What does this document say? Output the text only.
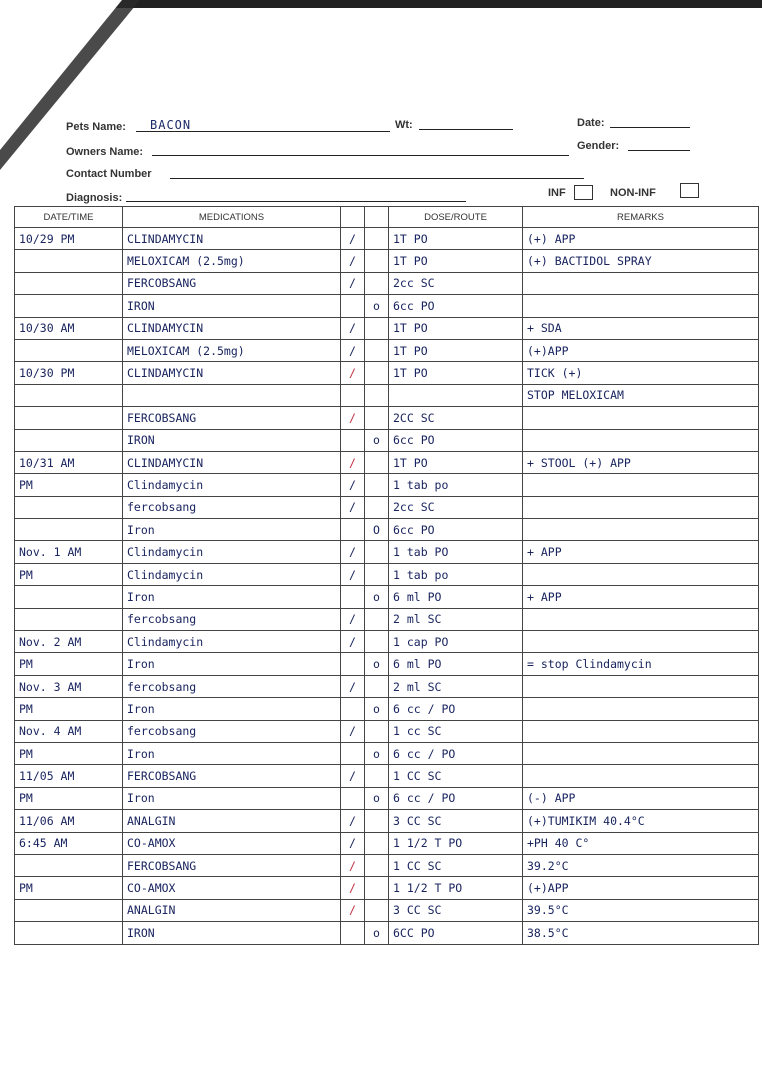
Pets Name: BACON	Wt:	Date:
Owners Name:	Gender:
Contact Number
Diagnosis:	INF	NON-INF
DATE/TIME	MEDICATIONS			DOSE/ROUTE	REMARKS
10/29 PM	CLINDAMYCIN	/		1T PO	(+) APP
	MELOXICAM (2.5mg)	/		1T PO	(+) BACTIDOL SPRAY
	FERCOBSANG	/		2cc SC	
	IRON		o	6cc PO	
10/30 AM	CLINDAMYCIN	/		1T PO	+ SDA
	MELOXICAM (2.5mg)	/		1T PO	(+)APP
10/30 PM	CLINDAMYCIN	/		1T PO	TICK (+)
					STOP MELOXICAM
	FERCOBSANG	/		2CC SC	
	IRON		o	6cc PO	
10/31 AM	CLINDAMYCIN	/		1T PO	+ STOOL (+) APP
PM	Clindamycin	/		1 tab po	
	fercobsang	/		2cc SC	
	Iron		O	6cc PO	
Nov. 1 AM	Clindamycin	/		1 tab PO	+ APP
PM	Clindamycin	/		1 tab po	
	Iron		o	6 ml PO	+ APP
	fercobsang	/		2 ml SC	
Nov. 2 AM	Clindamycin	/		1 cap PO	
PM	Iron		o	6 ml PO	= stop Clindamycin
Nov. 3 AM	fercobsang	/		2 ml SC	
PM	Iron		o	6 cc / PO	
Nov. 4 AM	fercobsang	/		1 cc SC	
PM	Iron		o	6 cc / PO	
11/05 AM	FERCOBSANG	/		1 CC SC	
PM	Iron		o	6 cc / PO	(-) APP
11/06 AM	ANALGIN	/		3 CC SC	(+)TUMIKIM 40.4°C
6:45 AM	CO-AMOX	/		1 1/2 T PO	+PH 40 C°
	FERCOBSANG	/		1 CC SC	39.2°C
PM	CO-AMOX	/		1 1/2 T PO	(+)APP
	ANALGIN	/		3 CC SC	39.5°C
	IRON		o	6CC PO	38.5°C
